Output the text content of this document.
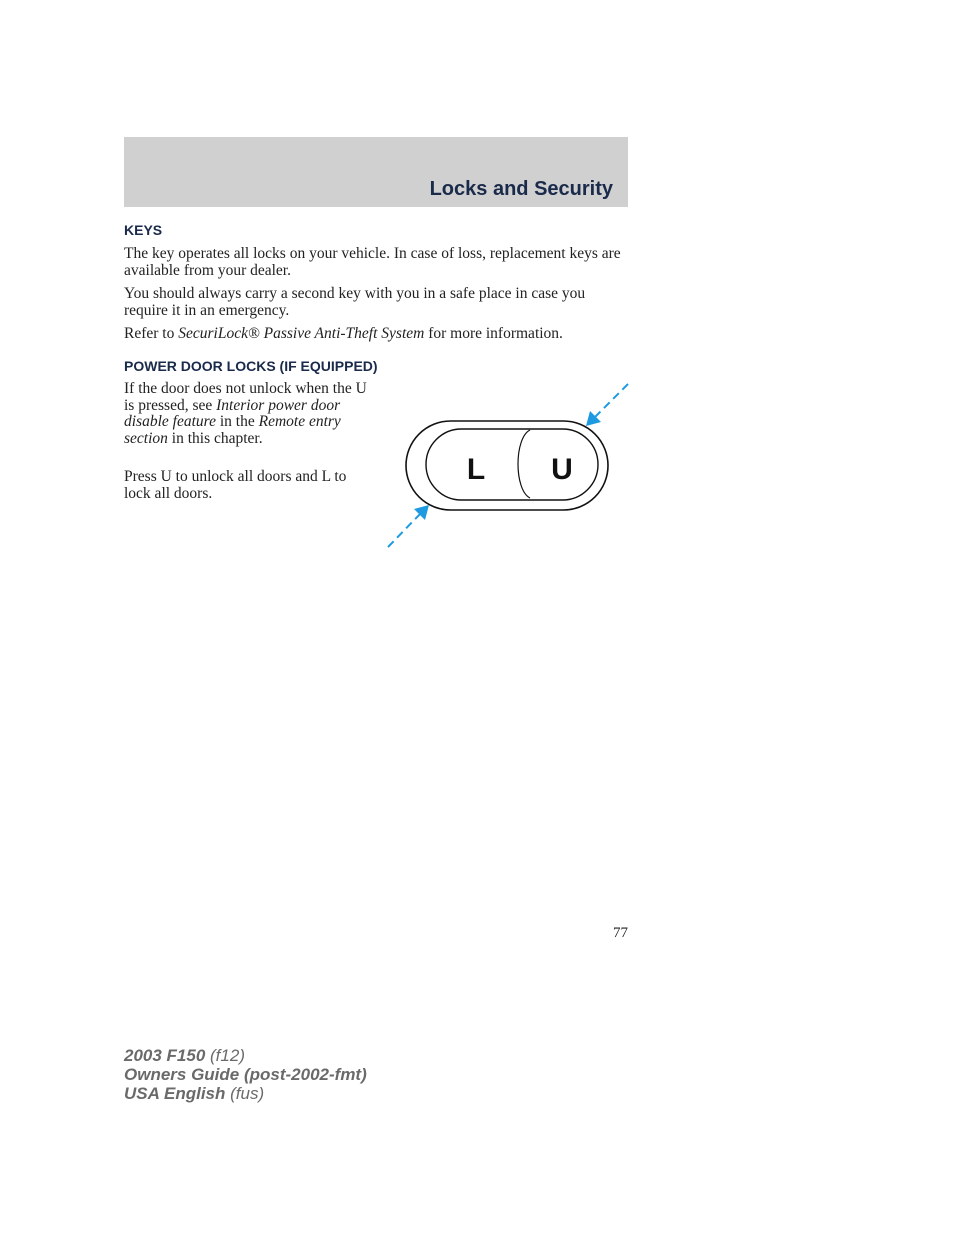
Locks and Security
KEYS

The key operates all locks on your vehicle. In case of loss, replacement keys are available from your dealer.

You should always carry a second key with you in a safe place in case you require it in an emergency.

Refer to SecuriLock® Passive Anti-Theft System for more information.

POWER DOOR LOCKS (IF EQUIPPED)

If the door does not unlock when the U is pressed, see Interior power door disable feature in the Remote entry section in this chapter.

Press U to unlock all doors and L to lock all doors.

L U
77
2003 F150 (f12)
Owners Guide (post-2002-fmt)
USA English (fus)
